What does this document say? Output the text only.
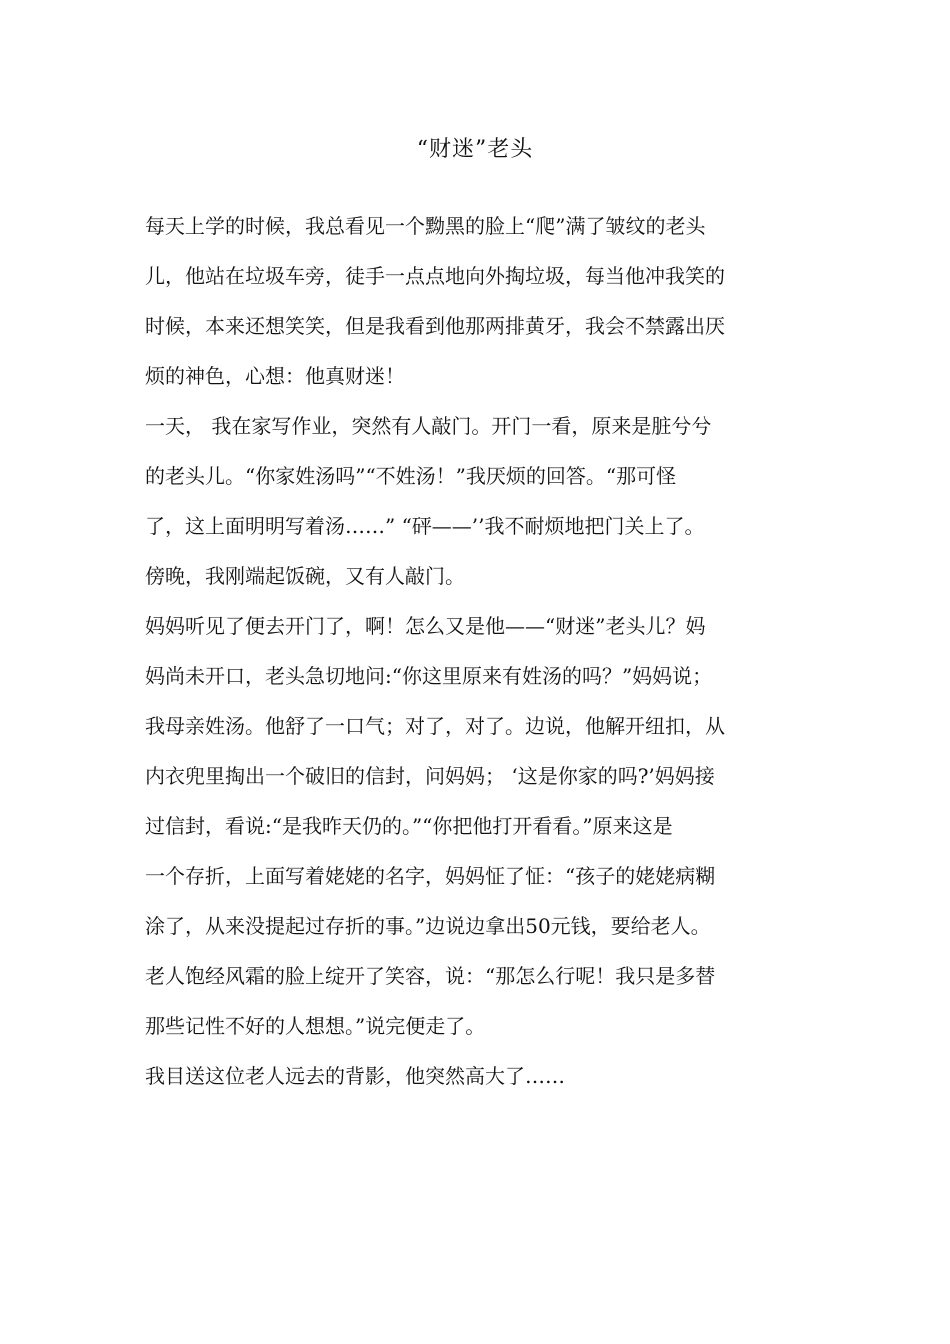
“财迷”老头
每天上学的时候，我总看见一个黝黑的脸上“爬”满了皱纹的老头
儿，他站在垃圾车旁，徒手一点点地向外掏垃圾，每当他冲我笑的
时候，本来还想笑笑，但是我看到他那两排黄牙，我会不禁露出厌
烦的神色，心想：他真财迷！
一天， 我在家写作业，突然有人敲门。开门一看，原来是脏兮兮
的老头儿。“你家姓汤吗”“不姓汤！”我厌烦的回答。“那可怪
了，这上面明明写着汤……” “砰——’’我不耐烦地把门关上了。
傍晚，我刚端起饭碗，又有人敲门。
妈妈听见了便去开门了，啊！怎么又是他——“财迷”老头儿？妈
妈尚未开口，老头急切地问:“你这里原来有姓汤的吗？”妈妈说；
我母亲姓汤。他舒了一口气；对了，对了。边说，他解开纽扣，从
内衣兜里掏出一个破旧的信封，问妈妈； ‘这是你家的吗?’妈妈接
过信封，看说:“是我昨天仍的。”“你把他打开看看。”原来这是
一个存折，上面写着姥姥的名字，妈妈怔了怔：“孩子的姥姥病糊
涂了，从来没提起过存折的事。”边说边拿出50元钱，要给老人。
老人饱经风霜的脸上绽开了笑容，说：“那怎么行呢！我只是多替
那些记性不好的人想想。”说完便走了。
我目送这位老人远去的背影，他突然高大了……
